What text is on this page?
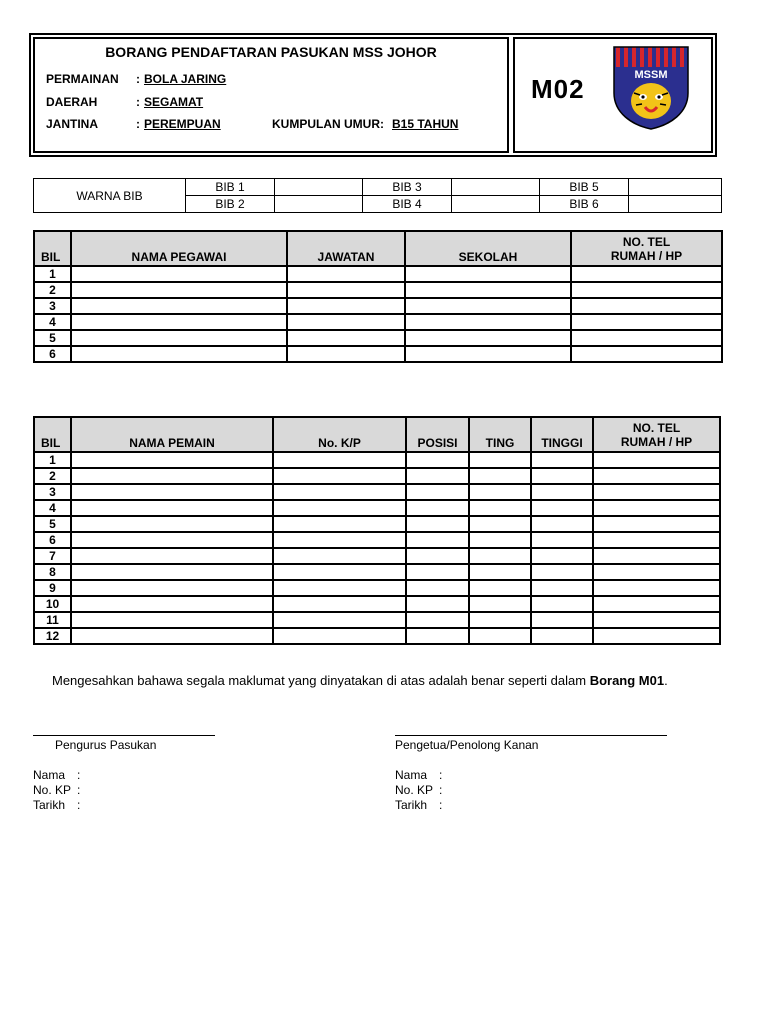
BORANG PENDAFTARAN PASUKAN MSS JOHOR
PERMAINAN : BOLA JARING
DAERAH	: SEGAMAT
JANTINA	: PEREMPUAN	KUMPULAN UMUR: B15 TAHUN
M02	MSSM
WARNA BIB	BIB 1		BIB 3		BIB 5	
	BIB 2		BIB 4		BIB 6	
BIL	NAMA PEGAWAI	JAWATAN	SEKOLAH	NO. TEL
RUMAH / HP

1				
2				
3				
4				
5				
6				
BIL	NAMA PEMAIN	No. K/P	POSISI	TING	TINGGI	NO. TEL
RUMAH / HP

1						
2						
3						
4						
5						
6						
7						
8						
9						
10						
11						
12						
Mengesahkan bahawa segala maklumat yang dinyatakan di atas adalah benar seperti dalam Borang M01.
Pengurus Pasukan	Pengetua/Penolong Kanan
Nama :
No. KP :
Tarikh :
Nama :
No. KP :
Tarikh :
